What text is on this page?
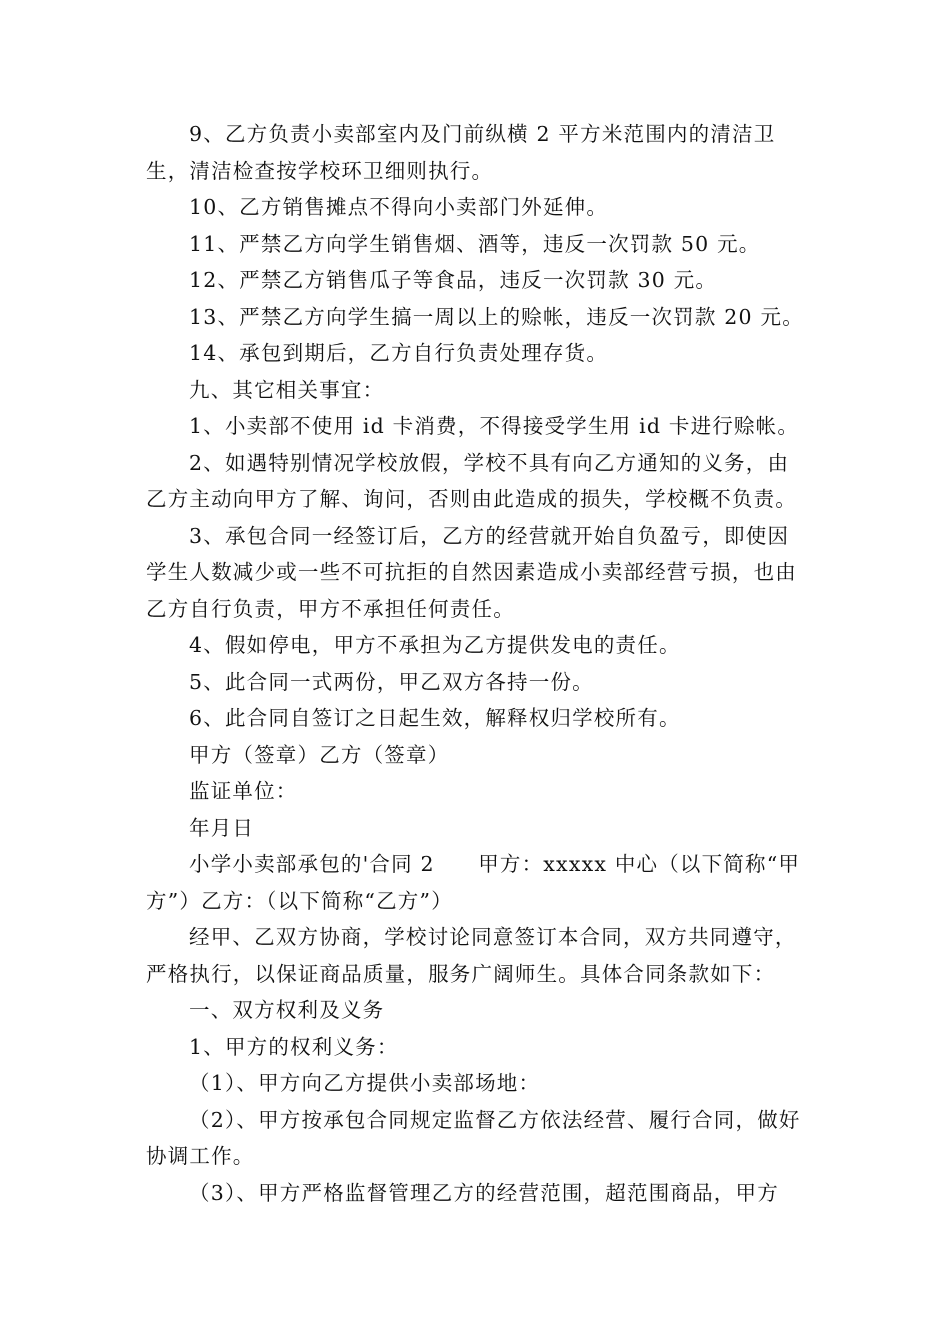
9、乙方负责小卖部室内及门前纵横 2 平方米范围内的清洁卫生，清洁检查按学校环卫细则执行。

10、乙方销售摊点不得向小卖部门外延伸。

11、严禁乙方向学生销售烟、酒等，违反一次罚款 50 元。

12、严禁乙方销售瓜子等食品，违反一次罚款 30 元。

13、严禁乙方向学生搞一周以上的赊帐，违反一次罚款 20 元。

14、承包到期后，乙方自行负责处理存货。

九、其它相关事宜：

1、小卖部不使用 id 卡消费，不得接受学生用 id 卡进行赊帐。

2、如遇特别情况学校放假，学校不具有向乙方通知的义务，由乙方主动向甲方了解、询问，否则由此造成的损失，学校概不负责。

3、承包合同一经签订后，乙方的经营就开始自负盈亏，即使因学生人数减少或一些不可抗拒的自然因素造成小卖部经营亏损，也由乙方自行负责，甲方不承担任何责任。

4、假如停电，甲方不承担为乙方提供发电的责任。

5、此合同一式两份，甲乙双方各持一份。

6、此合同自签订之日起生效，解释权归学校所有。

甲方（签章）乙方（签章）

监证单位：

年月日

小学小卖部承包的'合同 2　　甲方：xxxxx 中心（以下简称“甲方”）乙方：（以下简称“乙方”）

经甲、乙双方协商，学校讨论同意签订本合同，双方共同遵守，严格执行，以保证商品质量，服务广阔师生。具体合同条款如下：

一、双方权利及义务

1、甲方的权利义务：

（1）、甲方向乙方提供小卖部场地：

（2）、甲方按承包合同规定监督乙方依法经营、履行合同，做好协调工作。

（3）、甲方严格监督管理乙方的经营范围，超范围商品，甲方
